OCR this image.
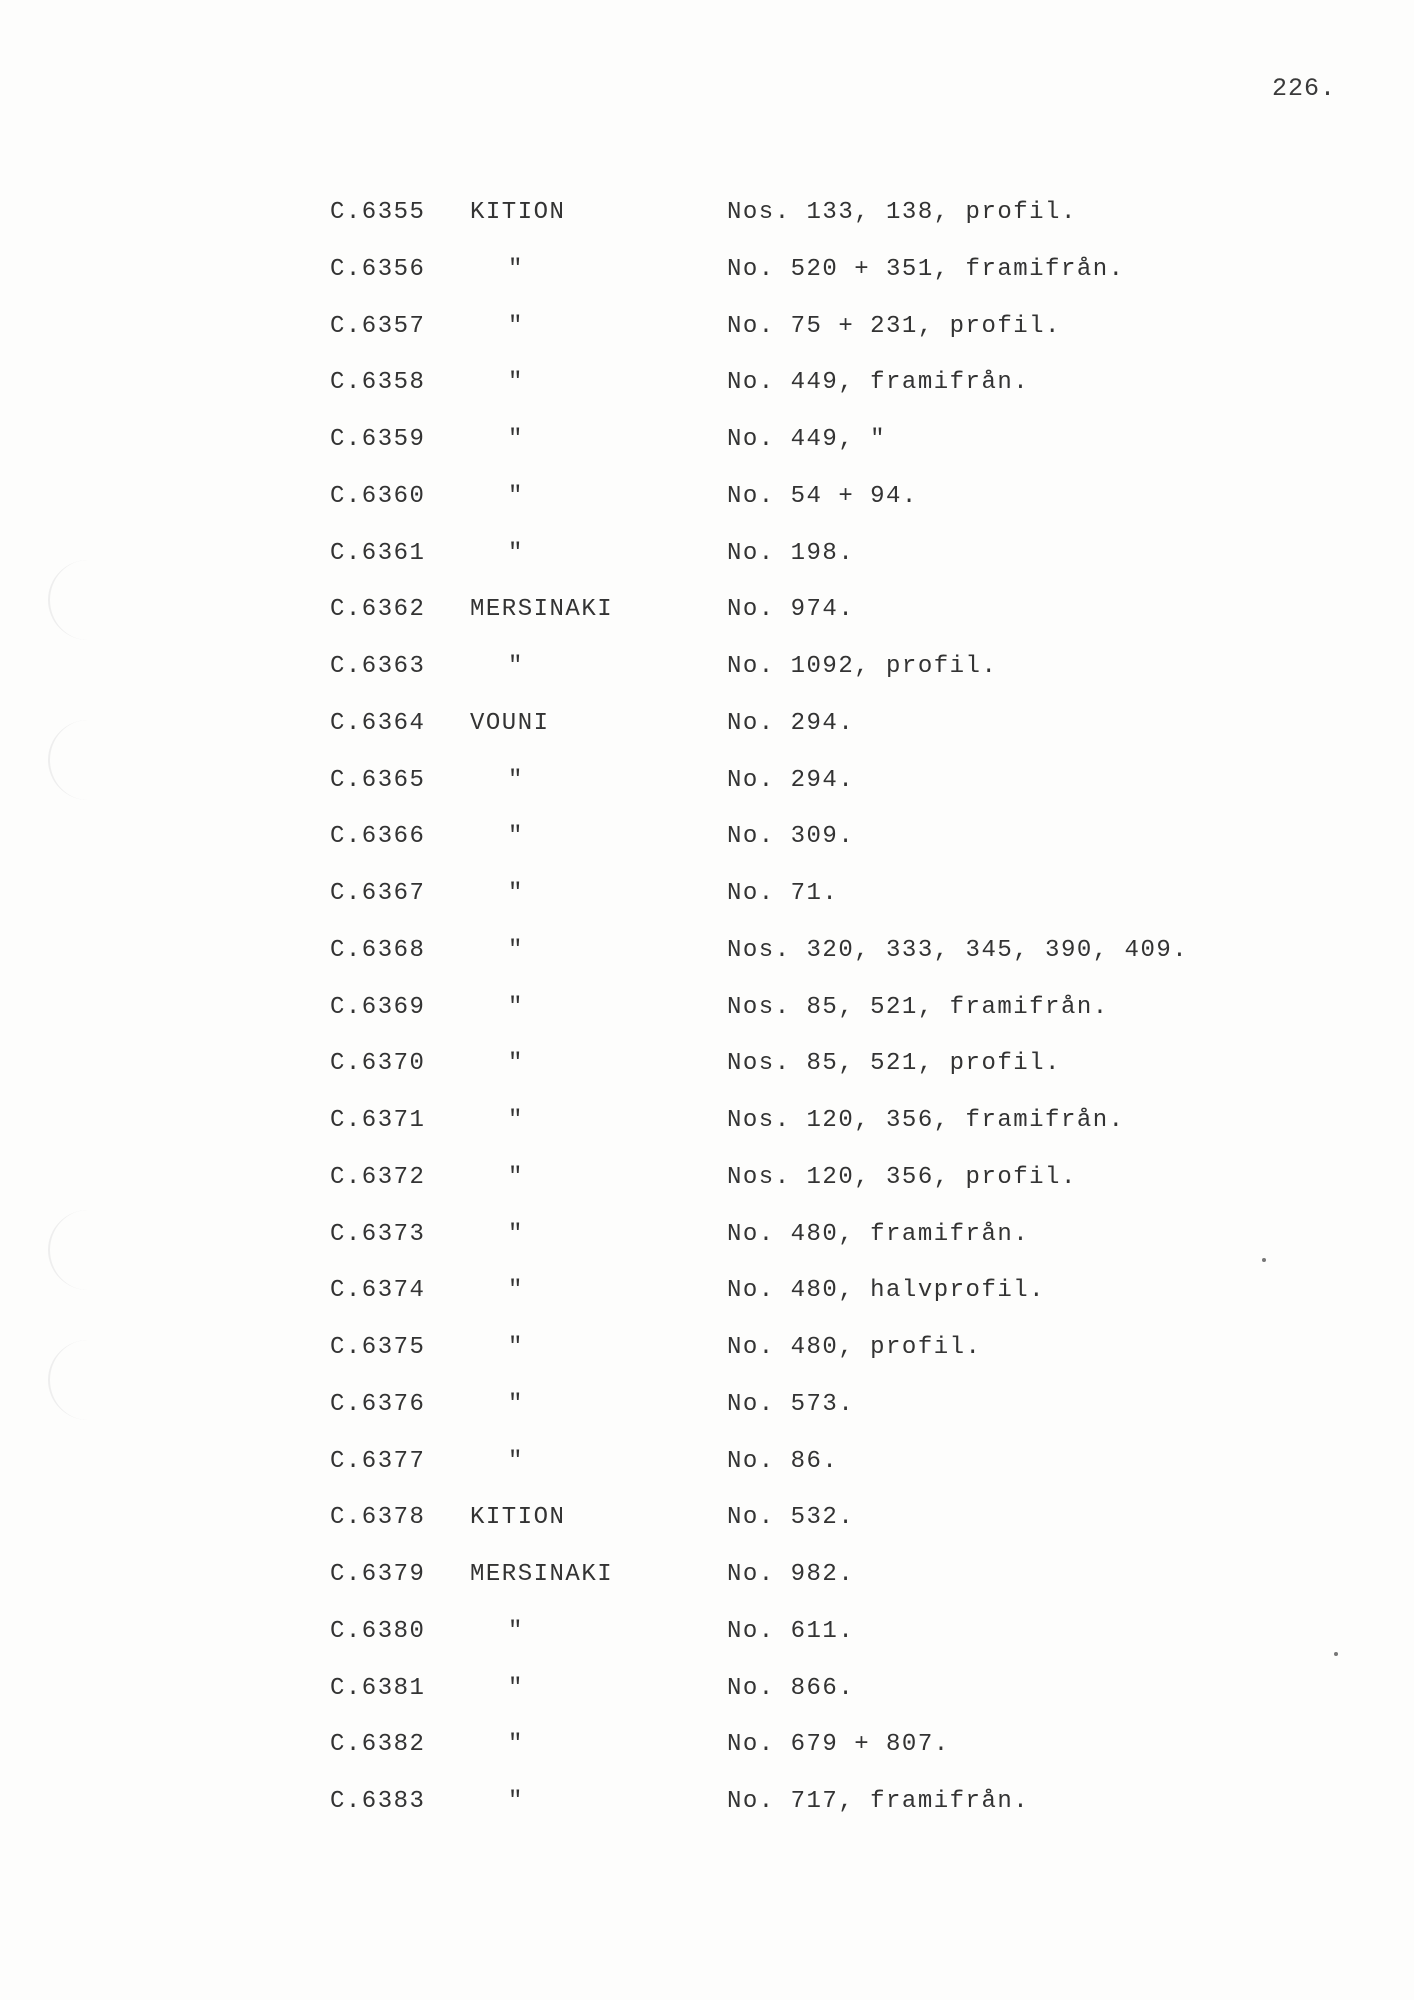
226.
C.6355 KITION	Nos. 133, 138, profil.
C.6356	"	No. 520 + 351, framifrån.
C.6357	"	No. 75 + 231, profil.
C.6358	"	No. 449, framifrån.
C.6359	"	No. 449, "
C.6360	"	No. 54 + 94.
C.6361	"	No. 198.
C.6362 MERSINAKI	No. 974.
C.6363	"	No. 1092, profil.
C.6364 VOUNI	No. 294.
C.6365	"	No. 294.
C.6366	"	No. 309.
C.6367	"	No. 71.
C.6368	"	Nos. 320, 333, 345, 390, 409.
C.6369	"	Nos. 85, 521, framifrån.
C.6370	"	Nos. 85, 521, profil.
C.6371	"	Nos. 120, 356, framifrån.
C.6372	"	Nos. 120, 356, profil.
C.6373	"	No. 480, framifrån.
C.6374	"	No. 480, halvprofil.
C.6375	"	No. 480, profil.
C.6376	"	No. 573.
C.6377	"	No. 86.
C.6378 KITION	No. 532.
C.6379 MERSINAKI	No. 982.
C.6380	"	No. 611.
C.6381	"	No. 866.
C.6382	"	No. 679 + 807.
C.6383	"	No. 717, framifrån.
